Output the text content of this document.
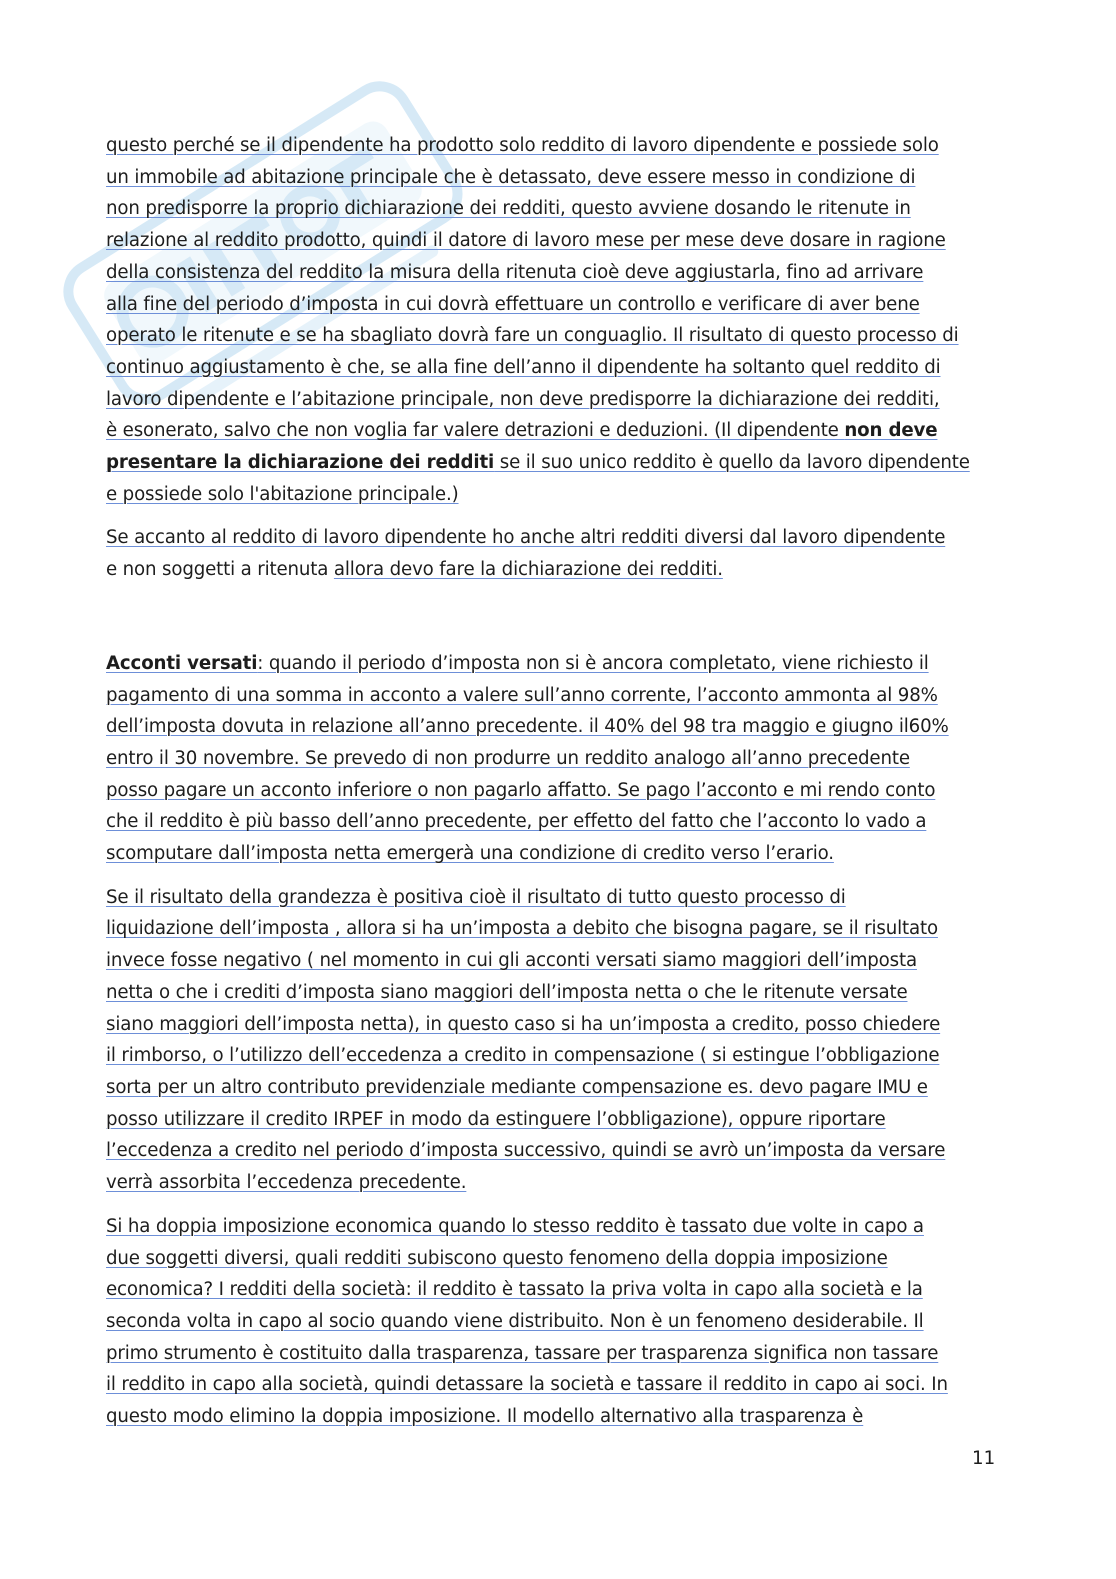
questo perché se il dipendente ha prodotto solo reddito di lavoro dipendente e possiede solo
un immobile ad abitazione principale che è detassato, deve essere messo in condizione di
non predisporre la proprio dichiarazione dei redditi, questo avviene dosando le ritenute in
relazione al reddito prodotto, quindi il datore di lavoro mese per mese deve dosare in ragione
della consistenza del reddito la misura della ritenuta cioè deve aggiustarla, fino ad arrivare
alla fine del periodo d’imposta in cui dovrà effettuare un controllo e verificare di aver bene
operato le ritenute e se ha sbagliato dovrà fare un conguaglio. Il risultato di questo processo di
continuo aggiustamento è che, se alla fine dell’anno il dipendente ha soltanto quel reddito di
lavoro dipendente e l’abitazione principale, non deve predisporre la dichiarazione dei redditi,
è esonerato, salvo che non voglia far valere detrazioni e deduzioni. (Il dipendente non deve
presentare la dichiarazione dei redditi se il suo unico reddito è quello da lavoro dipendente
e possiede solo l'abitazione principale.)

Se accanto al reddito di lavoro dipendente ho anche altri redditi diversi dal lavoro dipendente
e non soggetti a ritenuta allora devo fare la dichiarazione dei redditi.

Acconti versati: quando il periodo d’imposta non si è ancora completato, viene richiesto il
pagamento di una somma in acconto a valere sull’anno corrente, l’acconto ammonta al 98%
dell’imposta dovuta in relazione all’anno precedente. il 40% del 98 tra maggio e giugno il60%
entro il 30 novembre. Se prevedo di non produrre un reddito analogo all’anno precedente
posso pagare un acconto inferiore o non pagarlo affatto. Se pago l’acconto e mi rendo conto
che il reddito è più basso dell’anno precedente, per effetto del fatto che l’acconto lo vado a
scomputare dall’imposta netta emergerà una condizione di credito verso l’erario.

Se il risultato della grandezza è positiva cioè il risultato di tutto questo processo di
liquidazione dell’imposta , allora si ha un’imposta a debito che bisogna pagare, se il risultato
invece fosse negativo ( nel momento in cui gli acconti versati siamo maggiori dell’imposta
netta o che i crediti d’imposta siano maggiori dell’imposta netta o che le ritenute versate
siano maggiori dell’imposta netta), in questo caso si ha un’imposta a credito, posso chiedere
il rimborso, o l’utilizzo dell’eccedenza a credito in compensazione ( si estingue l’obbligazione
sorta per un altro contributo previdenziale mediante compensazione es. devo pagare IMU e
posso utilizzare il credito IRPEF in modo da estinguere l’obbligazione), oppure riportare
l’eccedenza a credito nel periodo d’imposta successivo, quindi se avrò un’imposta da versare
verrà assorbita l’eccedenza precedente.

Si ha doppia imposizione economica quando lo stesso reddito è tassato due volte in capo a
due soggetti diversi, quali redditi subiscono questo fenomeno della doppia imposizione
economica? I redditi della società: il reddito è tassato la priva volta in capo alla società e la
seconda volta in capo al socio quando viene distribuito. Non è un fenomeno desiderabile. Il
primo strumento è costituito dalla trasparenza, tassare per trasparenza significa non tassare
il reddito in capo alla società, quindi detassare la società e tassare il reddito in capo ai soci. In
questo modo elimino la doppia imposizione. Il modello alternativo alla trasparenza è

11
